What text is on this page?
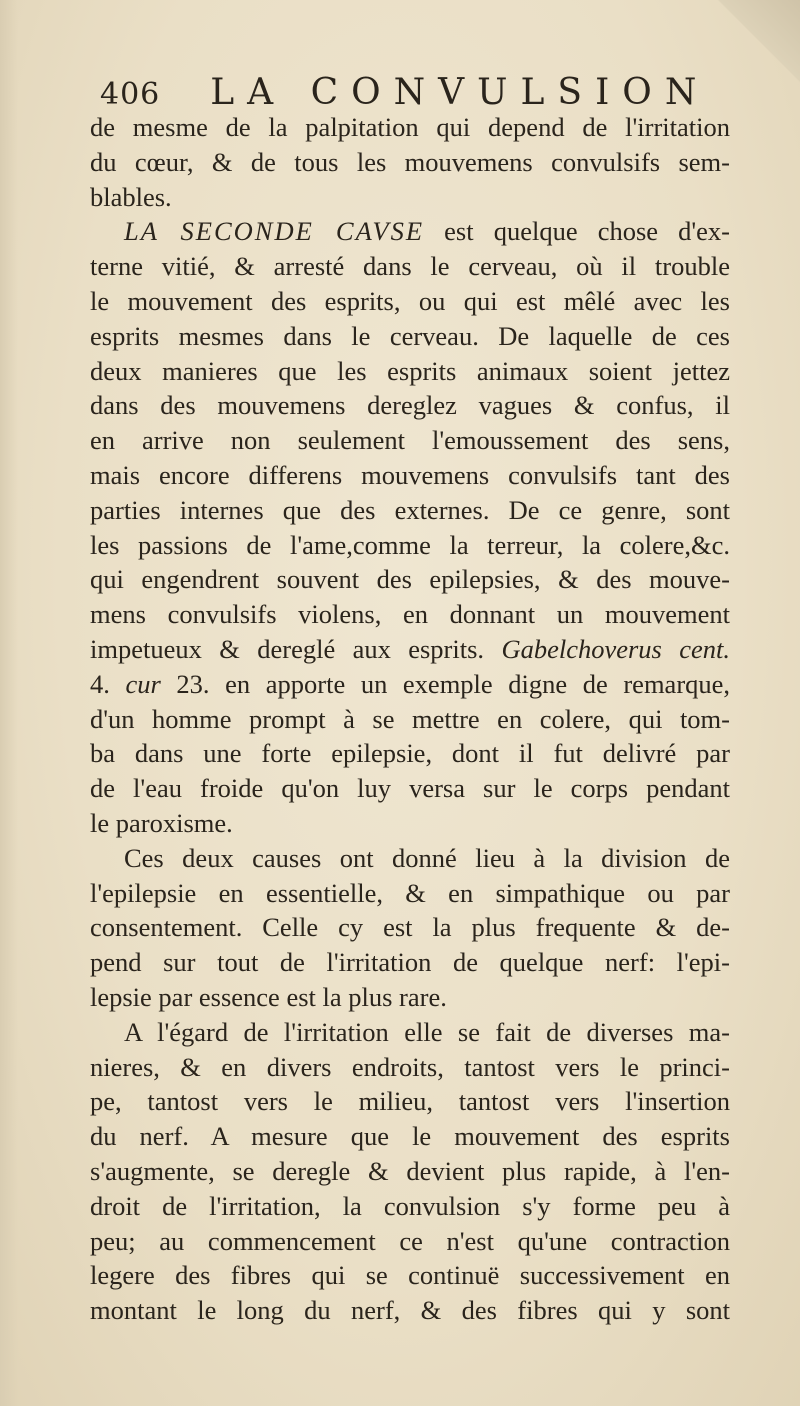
406 LA CONVULSION
de mesme de la palpitation qui depend de l'irritation
du cœur, & de tous les mouvemens convulsifs sem-
blables.
LA SECONDE CAVSE est quelque chose d'ex-
terne vitié, & arresté dans le cerveau, où il trouble
le mouvement des esprits, ou qui est mêlé avec les
esprits mesmes dans le cerveau. De laquelle de ces
deux manieres que les esprits animaux soient jettez
dans des mouvemens dereglez vagues & confus, il
en arrive non seulement l'emoussement des sens,
mais encore differens mouvemens convulsifs tant des
parties internes que des externes. De ce genre, sont
les passions de l'ame,comme la terreur, la colere,&c.
qui engendrent souvent des epilepsies, & des mouve-
mens convulsifs violens, en donnant un mouvement
impetueux & dereglé aux esprits. Gabelchoverus cent.
4. cur 23. en apporte un exemple digne de remarque,
d'un homme prompt à se mettre en colere, qui tom-
ba dans une forte epilepsie, dont il fut delivré par
de l'eau froide qu'on luy versa sur le corps pendant
le paroxisme.
Ces deux causes ont donné lieu à la division de
l'epilepsie en essentielle, & en simpathique ou par
consentement. Celle cy est la plus frequente & de-
pend sur tout de l'irritation de quelque nerf: l'epi-
lepsie par essence est la plus rare.
A l'égard de l'irritation elle se fait de diverses ma-
nieres, & en divers endroits, tantost vers le princi-
pe, tantost vers le milieu, tantost vers l'insertion
du nerf. A mesure que le mouvement des esprits
s'augmente, se deregle & devient plus rapide, à l'en-
droit de l'irritation, la convulsion s'y forme peu à
peu; au commencement ce n'est qu'une contraction
legere des fibres qui se continuë successivement en
montant le long du nerf, & des fibres qui y sont
